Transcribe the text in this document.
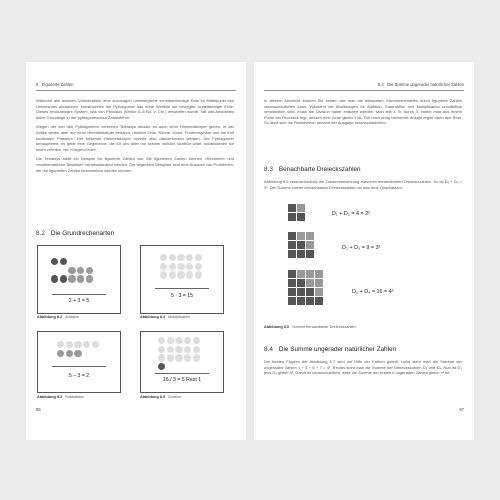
8 Figurierte Zahlen

Während alle anderen Vorsokratiker eine sozusagen unbewegliche scheibenförmige Erde im Mittelpunkt des Universums annahmen, konstruierten die Pythagoreer das erste Weltbild mit bewegter, kugelförmiger Erde. Dieses revolutionäre System, das von Philolaos (Weiße 5–6 Bd. v. Chr.) entworfen wurde, hat laut Aristoteles seine Grundlage in der pythagoreischen Zahlenlehre.

Wegen der von den Pythagoreern verehrten Tetraktys musste es auch zehn Himmelskörper geben. In der Antike waren aber nur neun Himmelskörper bekannt, nämlich Erde, Sonne, Mond, Fixsternsphäre und die fünf sichtbaren Planeten. Der fehlende Himmelskörper musste also dazuerfunden werden. Die Pythagoreer behaupteten, es gebe eine Gegenerde, die für uns aber nur schwer wirklich sichtbar wäre, konstruierten sie einen zehnten, die »Gegen-Erde«.

Die Tetraktys stellt ein Beispiel für figurierte Zahlen dar. Mit figurierten Zahlen können »Rechnen« und »mathematische Beweise« veranschaulicht werden. Die folgenden Beispiele sind eine Auswahl von Problemen, die mit figurierten Zahlen beschrieben werden können.

8.2 Die Grundrechenarten
2 + 3 = 5
Abbildung 8.2 Addition
5 · 3 = 15
Abbildung 8.4 Multiplikation
5 – 3 = 2
Abbildung 8.3 Subtraktion
16 / 3 = 5 Rest 1
Abbildung 8.5 Division
86
8.4 Die Summe ungerader natürlicher Zahlen

In diesem Abschnitt können Sie sehen, wie man die bekannten Grundrechenarten durch figurierte Zahlen veranschaulichen kann. Während die Abbildungen für Addition, Subtraktion und Multiplikation unmittelbar verständlich sind, muss die Division näher erläutert werden. Man teilt z. B. durch 3, indem man aus einem Punkt ein Rechteck legt, dessen eine Seite gleich 3 ist. Die noch übrig bleibende Anzahl ergibt dann den Rest. So lässt sich die Restdivision anhand der Ausgabe veranschaulichen.

8.3 Benachbarte Dreieckszahlen

Abbildung 8.6 veranschaulicht die Zusammensetzung zwischen benachbarten Dreieckszahlen. So ist D₃ + D₄ = 4². Die Summe zweier benachbarter Dreieckszahlen ist also eine Quadratzahl.

D₁ + D₂ = 4 = 2²
D₂ + D₃ = 9 = 3²
D₃ + D₄ = 16 = 4²
Abbildung 8.6 Summe benachbarter Dreieckszahlen
8.4 Die Summe ungerader natürlicher Zahlen

Die beiden Figuren der Abbildung 8.7 sind mit Hilfe der Farben geteilt. Links sieht man die Summe der ungeraden Zahlen 1 + 3 + 5 + 7 = 4². Rechts sieht man die Summe der Dreieckszahlen D₃ und D₄. Nun ist D₃ plus D₄ gleich 4². Damit ist veranschaulicht, dass die Summe der ersten n ungeraden Zahlen gleich n² ist.

87
